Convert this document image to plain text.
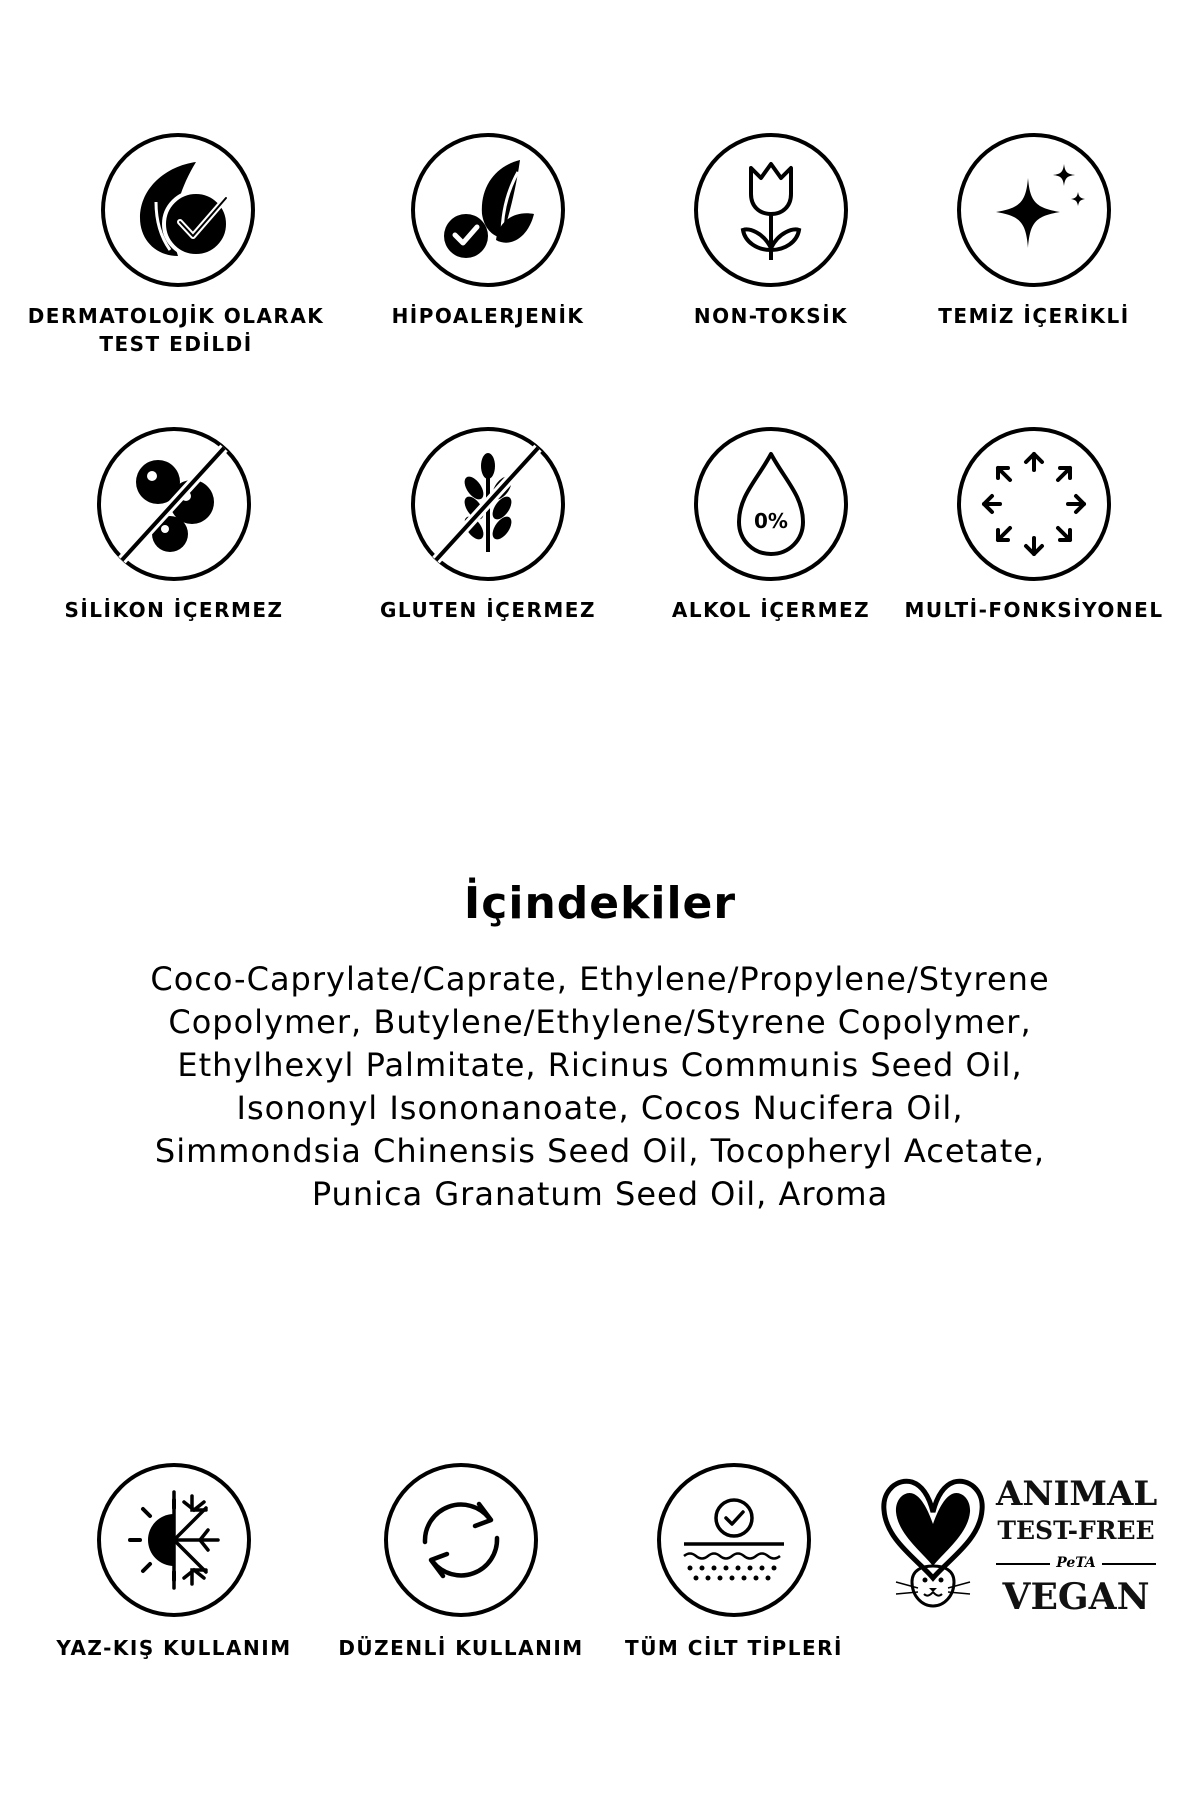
DERMATOLOJİK OLARAK
TEST EDİLDİ
HİPOALERJENİK	NON-TOKSİK	TEMİZ İÇERİKLİ
SİLİKON İÇERMEZ	GLUTEN İÇERMEZ
0%
ALKOL İÇERMEZ	MULTİ-FONKSİYONEL
İçindekiler
Coco-Caprylate/Caprate, Ethylene/Propylene/Styrene
Copolymer, Butylene/Ethylene/Styrene Copolymer,
Ethylhexyl Palmitate, Ricinus Communis Seed Oil,
Isononyl Isononanoate, Cocos Nucifera Oil,
Simmondsia Chinensis Seed Oil, Tocopheryl Acetate,
Punica Granatum Seed Oil, Aroma
YAZ-KIŞ KULLANIM	DÜZENLİ KULLANIM	TÜM CİLT TİPLERİ
ANIMAL
TEST-FREE
PeTA
VEGAN
